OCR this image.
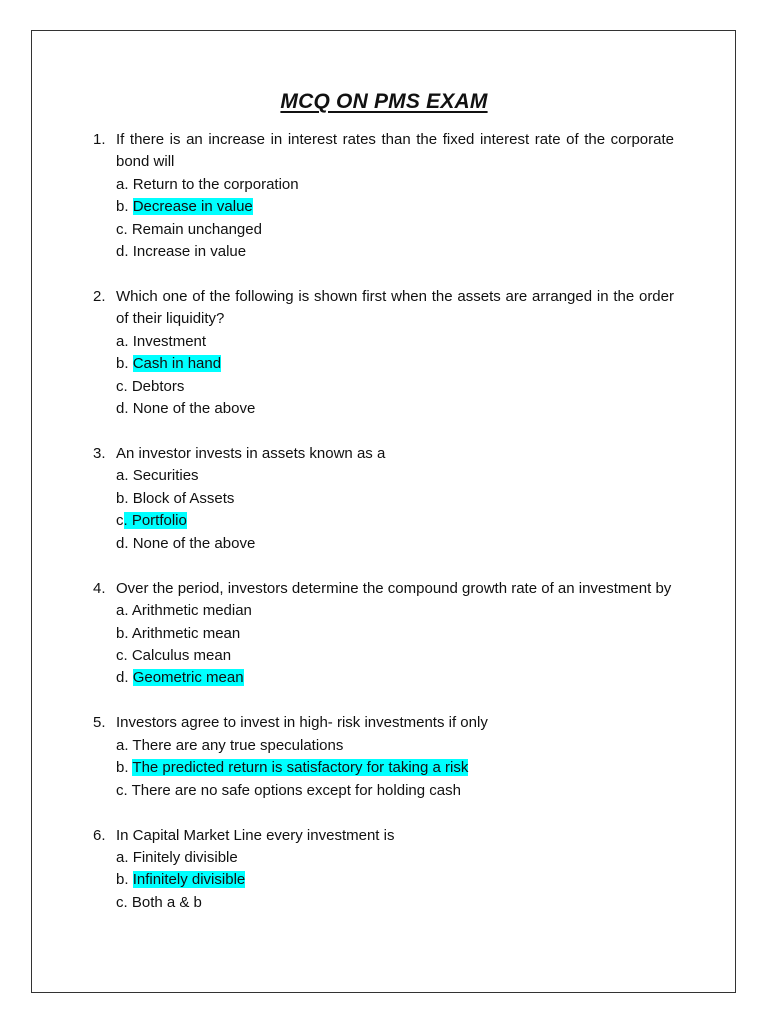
MCQ ON PMS EXAM
1. If there is an increase in interest rates than the fixed interest rate of the corporate bond will
a. Return to the corporation
b. Decrease in value
c. Remain unchanged
d. Increase in value
2. Which one of the following is shown first when the assets are arranged in the order of their liquidity?
a. Investment
b. Cash in hand
c. Debtors
d. None of the above
3. An investor invests in assets known as a
a. Securities
b. Block of Assets
c. Portfolio
d. None of the above
4. Over the period, investors determine the compound growth rate of an investment by
a. Arithmetic median
b. Arithmetic mean
c. Calculus mean
d. Geometric mean
5. Investors agree to invest in high- risk investments if only
a. There are any true speculations
b. The predicted return is satisfactory for taking a risk
c. There are no safe options except for holding cash
6. In Capital Market Line every investment is
a. Finitely divisible
b. Infinitely divisible
c. Both a & b
